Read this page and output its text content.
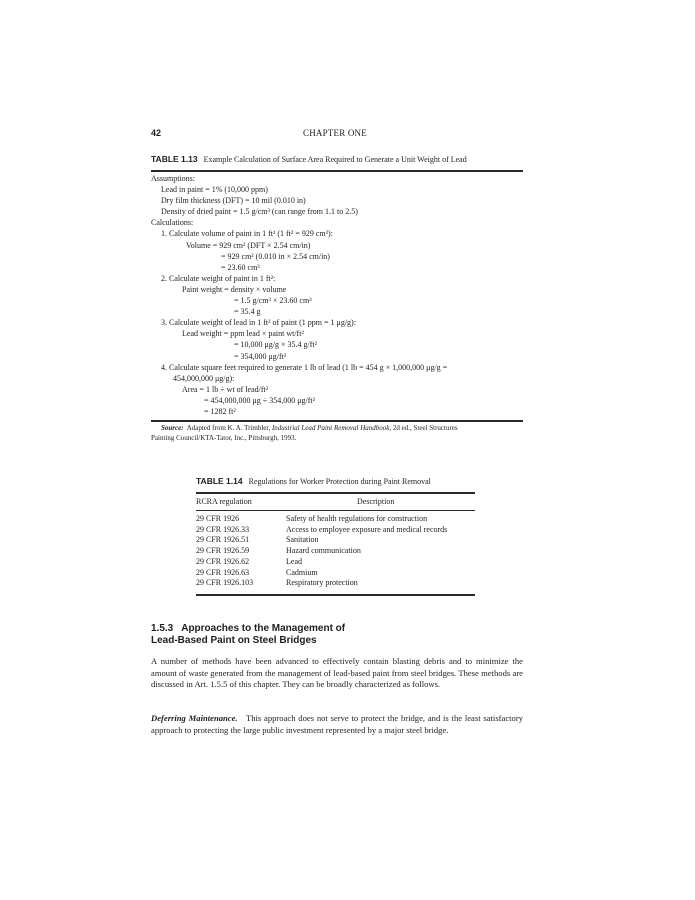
42	CHAPTER ONE
TABLE 1.13 Example Calculation of Surface Area Required to Generate a Unit Weight of Lead
Assumptions:
Lead in paint = 1% (10,000 ppm)
Dry film thickness (DFT) = 10 mil (0.010 in)
Density of dried paint = 1.5 g/cm³ (can range from 1.1 to 2.5)
Calculations:
1. Calculate volume of paint in 1 ft² (1 ft² = 929 cm²):
Volume = 929 cm² (DFT × 2.54 cm/in)
= 929 cm² (0.010 in × 2.54 cm/in)
= 23.60 cm³
2. Calculate weight of paint in 1 ft²:
Paint weight = density × volume
= 1.5 g/cm³ × 23.60 cm³
= 35.4 g
3. Calculate weight of lead in 1 ft² of paint (1 ppm = 1 μg/g):
Lead weight = ppm lead × paint wt/ft²
= 10,000 μg/g × 35.4 g/ft²
= 354,000 μg/ft²
4. Calculate square feet required to generate 1 lb of lead (1 lb = 454 g × 1,000,000 μg/g =
454,000,000 μg/g):
Area = 1 lb ÷ wt of lead/ft²
= 454,000,000 μg ÷ 354,000 μg/ft²
= 1282 ft²
Source: Adapted from K. A. Trimbler, Industrial Lead Paint Removal Handbook, 2d ed., Steel Structures
Painting Council/KTA-Tator, Inc., Pittsburgh, 1993.
TABLE 1.14 Regulations for Worker Protection during Paint Removal
RCRA regulation	Description
29 CFR 1926
29 CFR 1926.33
29 CFR 1926.51
29 CFR 1926.59
29 CFR 1926.62
29 CFR 1926.63
29 CFR 1926.103
Safety of health regulations for construction
Access to employee exposure and medical records
Sanitation
Hazard communication
Lead
Cadmium
Respiratory protection
1.5.3 Approaches to the Management of
Lead-Based Paint on Steel Bridges
A number of methods have been advanced to effectively contain blasting debris and to minimize the amount of waste generated from the management of lead-based paint from steel bridges. These methods are discussed in Art. 1.5.5 of this chapter. They can be broadly characterized as follows.
Deferring Maintenance. This approach does not serve to protect the bridge, and is the least satisfactory approach to protecting the large public investment represented by a major steel bridge.
